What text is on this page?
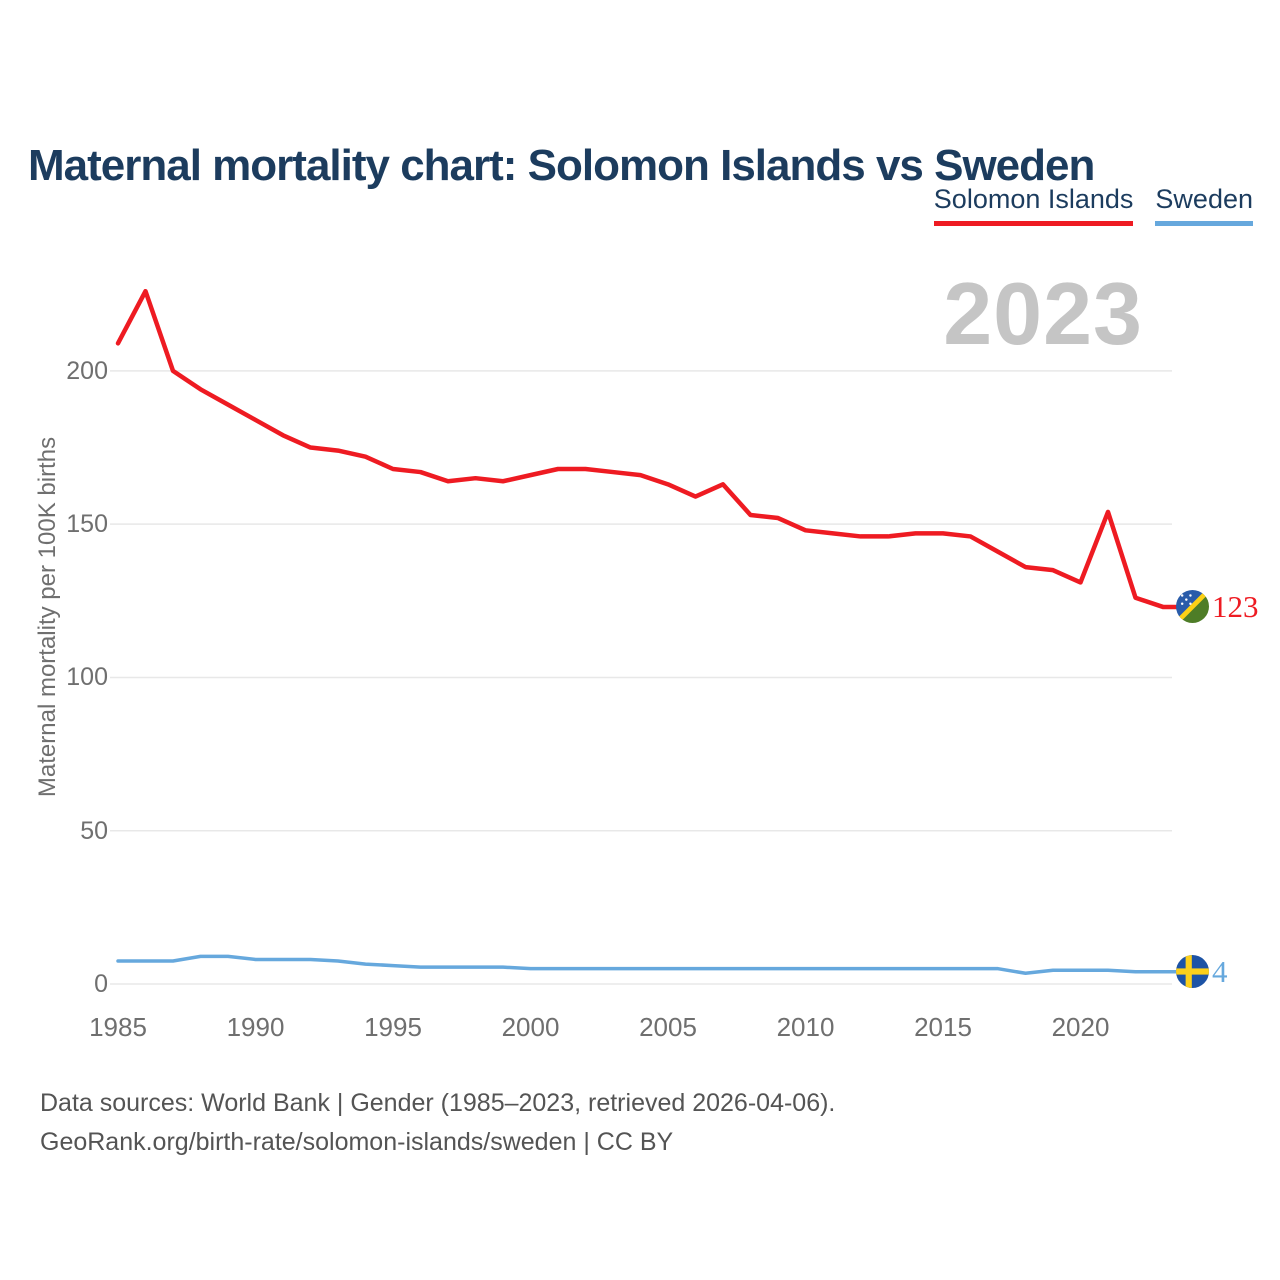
Maternal mortality chart: Solomon Islands vs Sweden
Solomon Islands Sweden
2023
Maternal mortality per 100K births
0
50
100
150
200
1985	1990	1995	2000	2005	2010	2015	2020
123
4
Data sources: World Bank | Gender (1985–2023, retrieved 2026-04-06).
GeoRank.org/birth-rate/solomon-islands/sweden | CC BY
